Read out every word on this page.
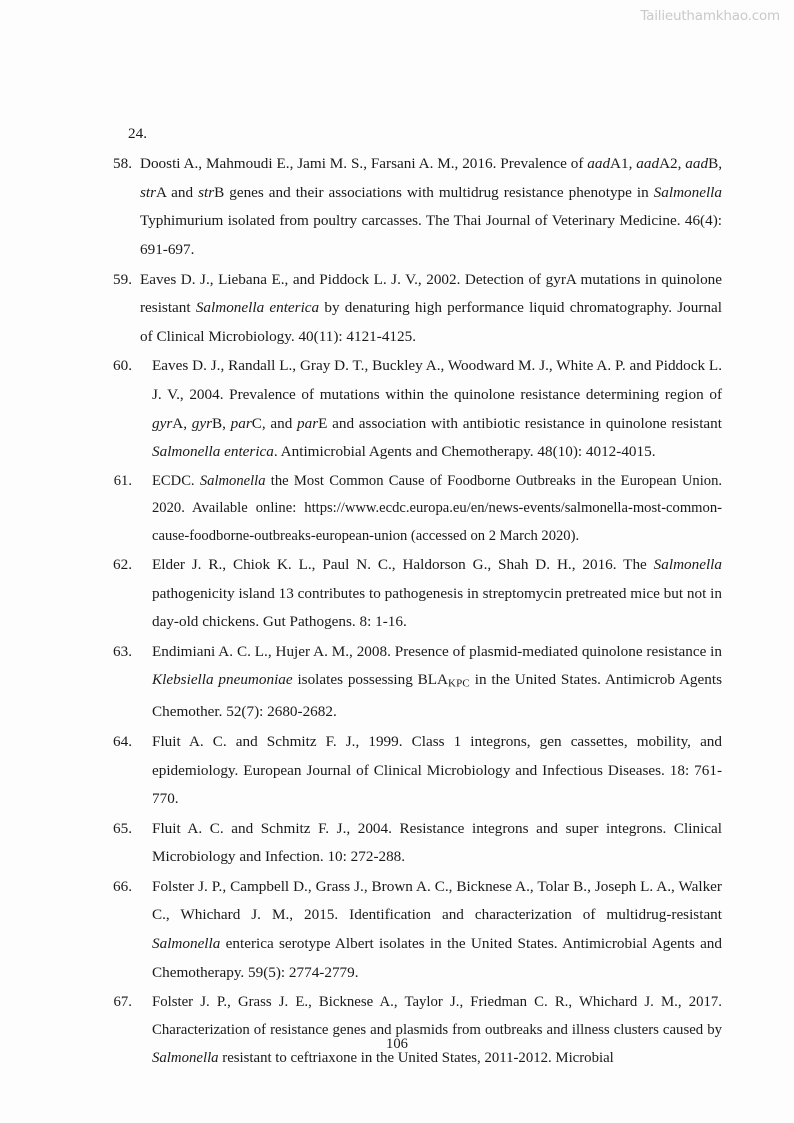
Tailieuthamkhao.com
24.
58. Doosti A., Mahmoudi E., Jami M. S., Farsani A. M., 2016. Prevalence of aadA1, aadA2, aadB, strA and strB genes and their associations with multidrug resistance phenotype in Salmonella Typhimurium isolated from poultry carcasses. The Thai Journal of Veterinary Medicine. 46(4): 691-697.
59. Eaves D. J., Liebana E., and Piddock L. J. V., 2002. Detection of gyrA mutations in quinolone resistant Salmonella enterica by denaturing high performance liquid chromatography. Journal of Clinical Microbiology. 40(11): 4121-4125.
60. Eaves D. J., Randall L., Gray D. T., Buckley A., Woodward M. J., White A. P. and Piddock L. J. V., 2004. Prevalence of mutations within the quinolone resistance determining region of gyrA, gyrB, parC, and parE and association with antibiotic resistance in quinolone resistant Salmonella enterica. Antimicrobial Agents and Chemotherapy. 48(10): 4012-4015.
61. ECDC. Salmonella the Most Common Cause of Foodborne Outbreaks in the European Union. 2020. Available online: https://www.ecdc.europa.eu/en/news-events/salmonella-most-common-cause-foodborne-outbreaks-european-union (accessed on 2 March 2020).
62. Elder J. R., Chiok K. L., Paul N. C., Haldorson G., Shah D. H., 2016. The Salmonella pathogenicity island 13 contributes to pathogenesis in streptomycin pretreated mice but not in day-old chickens. Gut Pathogens. 8: 1-16.
63. Endimiani A. C. L., Hujer A. M., 2008. Presence of plasmid-mediated quinolone resistance in Klebsiella pneumoniae isolates possessing $BLA_{KPC}$ in the United States. Antimicrob Agents Chemother. 52(7): 2680-2682.
64. Fluit A. C. and Schmitz F. J., 1999. Class 1 integrons, gen cassettes, mobility, and epidemiology. European Journal of Clinical Microbiology and Infectious Diseases. 18: 761-770.
65. Fluit A. C. and Schmitz F. J., 2004. Resistance integrons and super integrons. Clinical Microbiology and Infection. 10: 272-288.
66. Folster J. P., Campbell D., Grass J., Brown A. C., Bicknese A., Tolar B., Joseph L. A., Walker C., Whichard J. M., 2015. Identification and characterization of multidrug-resistant Salmonella enterica serotype Albert isolates in the United States. Antimicrobial Agents and Chemotherapy. 59(5): 2774-2779.
67. Folster J. P., Grass J. E., Bicknese A., Taylor J., Friedman C. R., Whichard J. M., 2017. Characterization of resistance genes and plasmids from outbreaks and illness clusters caused by Salmonella resistant to ceftriaxone in the United States, 2011-2012. Microbial
106
